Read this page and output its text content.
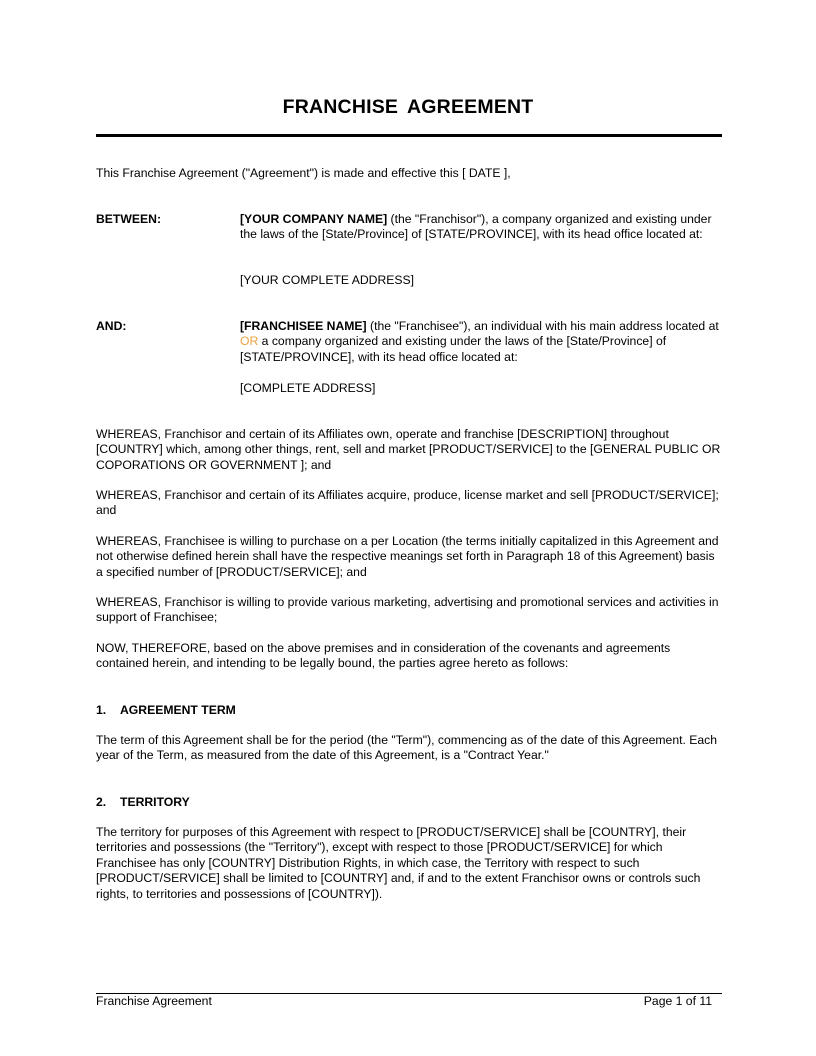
FRANCHISE AGREEMENT
This Franchise Agreement ("Agreement") is made and effective this [ DATE ],
BETWEEN:	[YOUR COMPANY NAME] (the "Franchisor"), a company organized and existing under the laws of the [State/Province] of [STATE/PROVINCE], with its head office located at:
[YOUR COMPLETE ADDRESS]
AND:	[FRANCHISEE NAME] (the "Franchisee"), an individual with his main address located at OR a company organized and existing under the laws of the [State/Province] of [STATE/PROVINCE], with its head office located at:
[COMPLETE ADDRESS]
WHEREAS, Franchisor and certain of its Affiliates own, operate and franchise [DESCRIPTION] throughout [COUNTRY] which, among other things, rent, sell and market [PRODUCT/SERVICE] to the [GENERAL PUBLIC OR COPORATIONS OR GOVERNMENT ]; and
WHEREAS, Franchisor and certain of its Affiliates acquire, produce, license market and sell [PRODUCT/SERVICE]; and
WHEREAS, Franchisee is willing to purchase on a per Location (the terms initially capitalized in this Agreement and not otherwise defined herein shall have the respective meanings set forth in Paragraph 18 of this Agreement) basis a specified number of [PRODUCT/SERVICE]; and
WHEREAS, Franchisor is willing to provide various marketing, advertising and promotional services and activities in support of Franchisee;
NOW, THEREFORE, based on the above premises and in consideration of the covenants and agreements contained herein, and intending to be legally bound, the parties agree hereto as follows:
1. AGREEMENT TERM
The term of this Agreement shall be for the period (the "Term"), commencing as of the date of this Agreement. Each year of the Term, as measured from the date of this Agreement, is a "Contract Year."
2. TERRITORY
The territory for purposes of this Agreement with respect to [PRODUCT/SERVICE] shall be [COUNTRY], their territories and possessions (the "Territory"), except with respect to those [PRODUCT/SERVICE] for which Franchisee has only [COUNTRY] Distribution Rights, in which case, the Territory with respect to such [PRODUCT/SERVICE] shall be limited to [COUNTRY] and, if and to the extent Franchisor owns or controls such rights, to territories and possessions of [COUNTRY]).
Franchise Agreement	Page 1 of 11
